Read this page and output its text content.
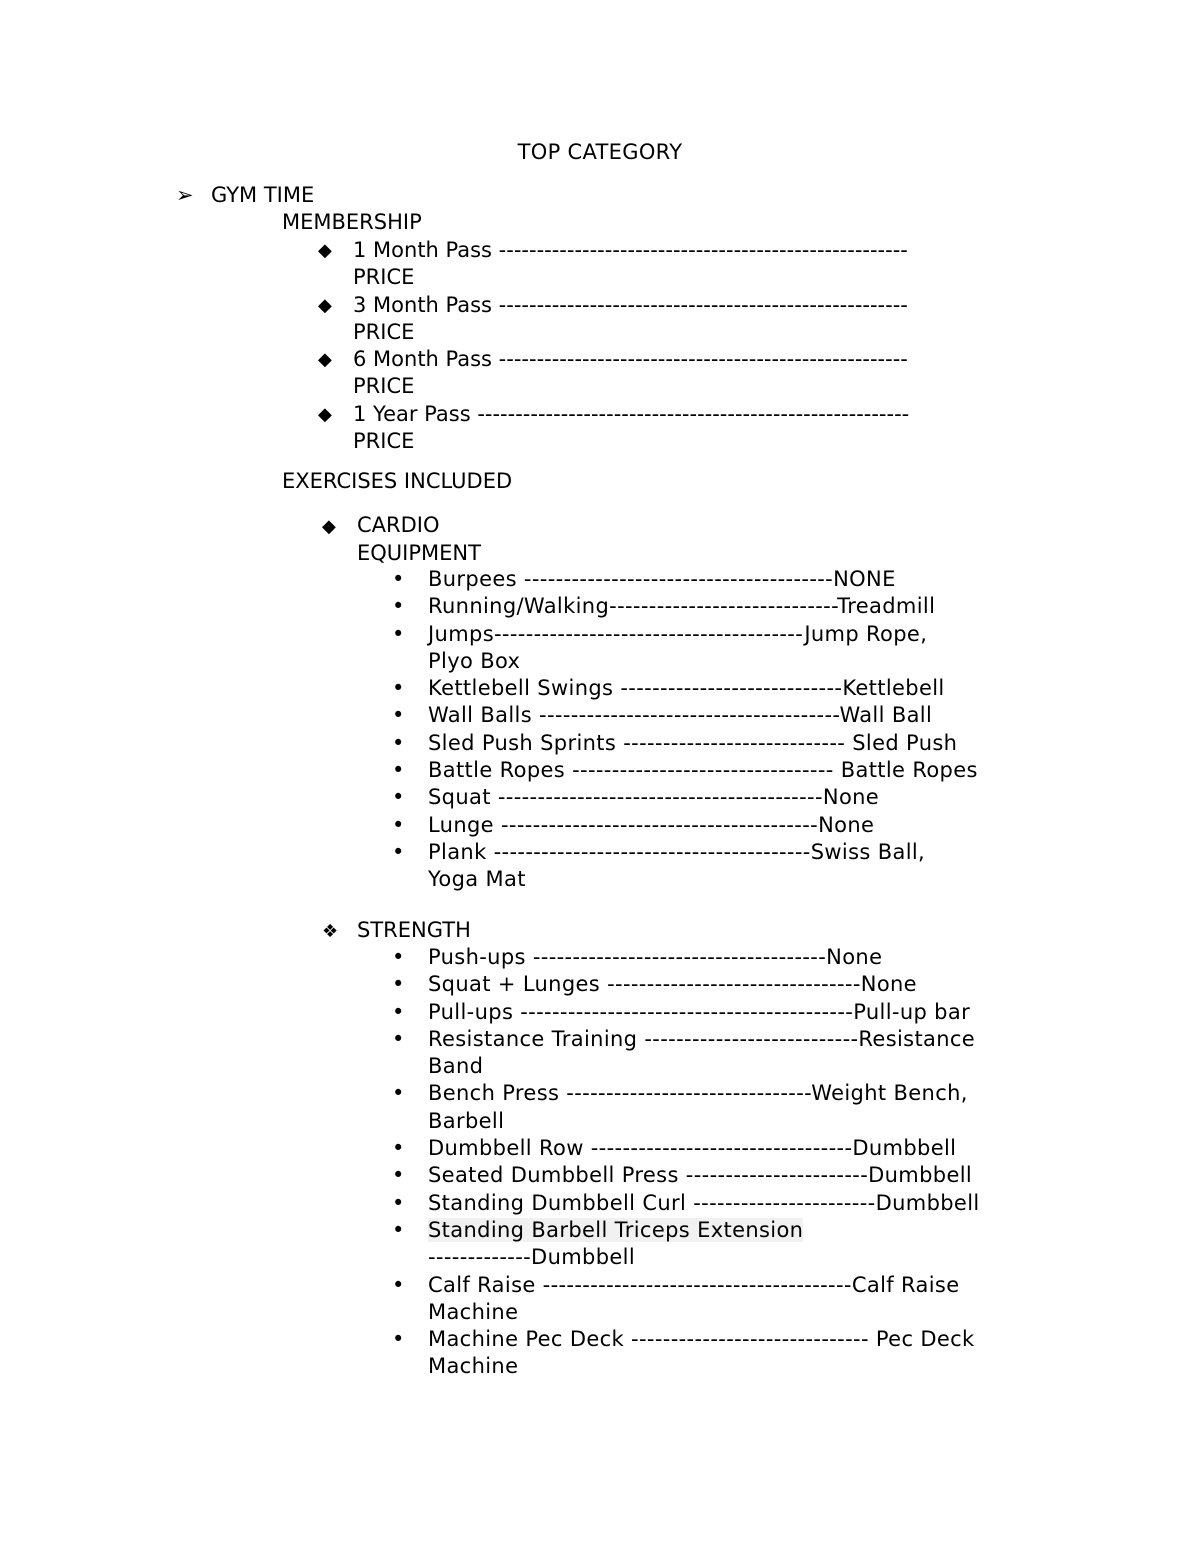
TOP CATEGORY
➢ GYM TIME
MEMBERSHIP
◆ 1 Month Pass ------------------------------------------------------
PRICE
◆ 3 Month Pass ------------------------------------------------------
PRICE
◆ 6 Month Pass ------------------------------------------------------
PRICE
◆ 1 Year Pass ---------------------------------------------------------
PRICE
EXERCISES INCLUDED
◆ CARDIO
EQUIPMENT
• Burpees ---------------------------------------NONE
• Running/Walking-----------------------------Treadmill
• Jumps---------------------------------------Jump Rope,
Plyo Box
• Kettlebell Swings ----------------------------Kettlebell
• Wall Balls --------------------------------------Wall Ball
• Sled Push Sprints ---------------------------- Sled Push
• Battle Ropes --------------------------------- Battle Ropes
• Squat -----------------------------------------None
• Lunge ----------------------------------------None
• Plank ----------------------------------------Swiss Ball,
Yoga Mat
❖ STRENGTH
• Push-ups -------------------------------------None
• Squat + Lunges --------------------------------None
• Pull-ups ------------------------------------------Pull-up bar
• Resistance Training ---------------------------Resistance
Band
• Bench Press -------------------------------Weight Bench,
Barbell
• Dumbbell Row ---------------------------------Dumbbell
• Seated Dumbbell Press -----------------------Dumbbell
• Standing Dumbbell Curl -----------------------Dumbbell
• Standing Barbell Triceps Extension
-------------Dumbbell
• Calf Raise ---------------------------------------Calf Raise
Machine
• Machine Pec Deck ------------------------------ Pec Deck
Machine
